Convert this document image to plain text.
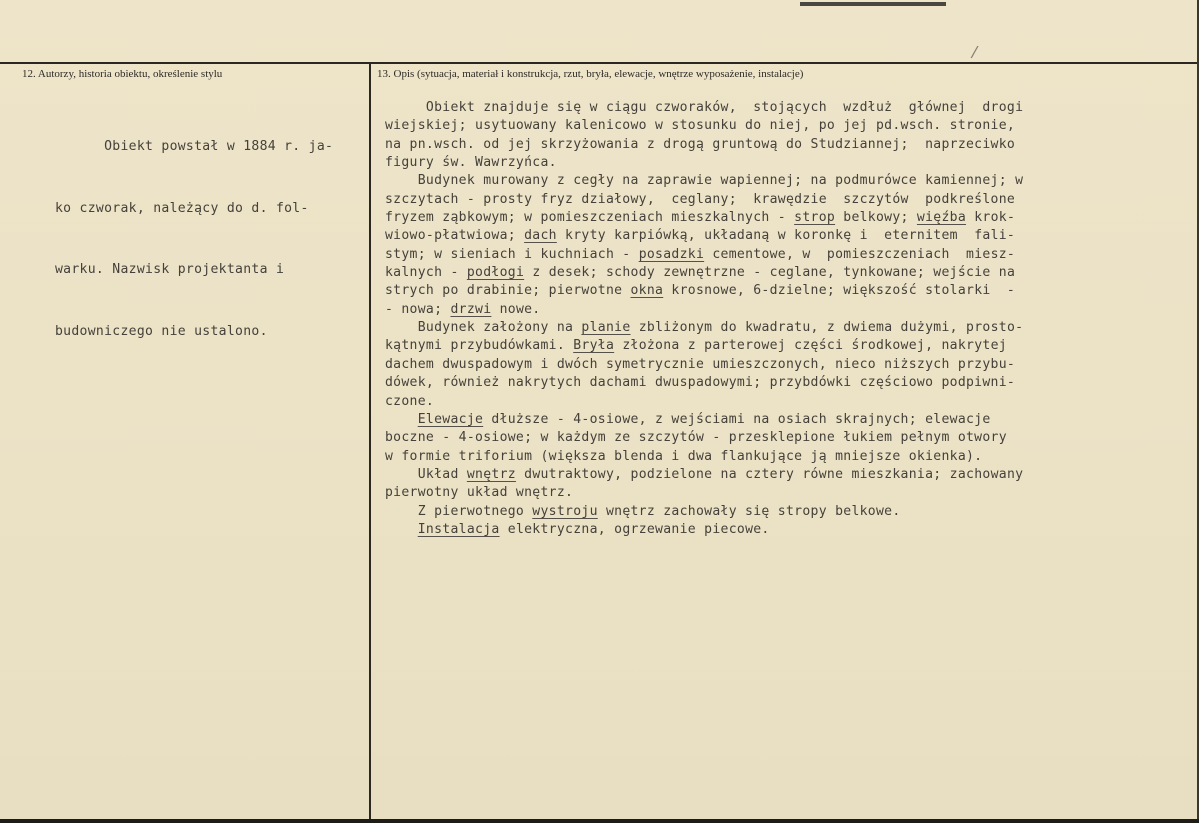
/
12. Autorzy, historia obiektu, określenie stylu	13. Opis (sytuacja, materiał i konstrukcja, rzut, bryła, elewacje, wnętrze wyposażenie, instalacje)

Obiekt powstał w 1884 r. ja-

ko czworak, należący do d. fol-

warku. Nazwisk projektanta i

budowniczego nie ustalono.

Obiekt znajduje się w ciągu czworaków,  stojących  wzdłuż  głównej  drogi
wiejskiej; usytuowany kalenicowo w stosunku do niej, po jej pd.wsch. stronie,
na pn.wsch. od jej skrzyżowania z drogą gruntową do Studziannej;  naprzeciwko
figury św. Wawrzyńca.
Budynek murowany z cegły na zaprawie wapiennej; na podmurówce kamiennej; w
szczytach - prosty fryz działowy,  ceglany;  krawędzie  szczytów  podkreślone
fryzem ząbkowym; w pomieszczeniach mieszkalnych - strop belkowy; więźba krok-
wiowo-płatwiowa; dach kryty karpiówką, układaną w koronkę i  eternitem  fali-
stym; w sieniach i kuchniach - posadzki cementowe, w  pomieszczeniach  miesz-
kalnych - podłogi z desek; schody zewnętrzne - ceglane, tynkowane; wejście na
strych po drabinie; pierwotne okna krosnowe, 6-dzielne; większość stolarki  -
- nowa; drzwi nowe.
Budynek założony na planie zbliżonym do kwadratu, z dwiema dużymi, prosto-
kątnymi przybudówkami. Bryła złożona z parterowej części środkowej, nakrytej
dachem dwuspadowym i dwóch symetrycznie umieszczonych, nieco niższych przybu-
dówek, również nakrytych dachami dwuspadowymi; przybdówki częściowo podpiwni-
czone.
Elewacje dłuższe - 4-osiowe, z wejściami na osiach skrajnych; elewacje
boczne - 4-osiowe; w każdym ze szczytów - przesklepione łukiem pełnym otwory
w formie triforium (większa blenda i dwa flankujące ją mniejsze okienka).
Układ wnętrz dwutraktowy, podzielone na cztery równe mieszkania; zachowany
pierwotny układ wnętrz.
Z pierwotnego wystroju wnętrz zachowały się stropy belkowe.
Instalacja elektryczna, ogrzewanie piecowe.
